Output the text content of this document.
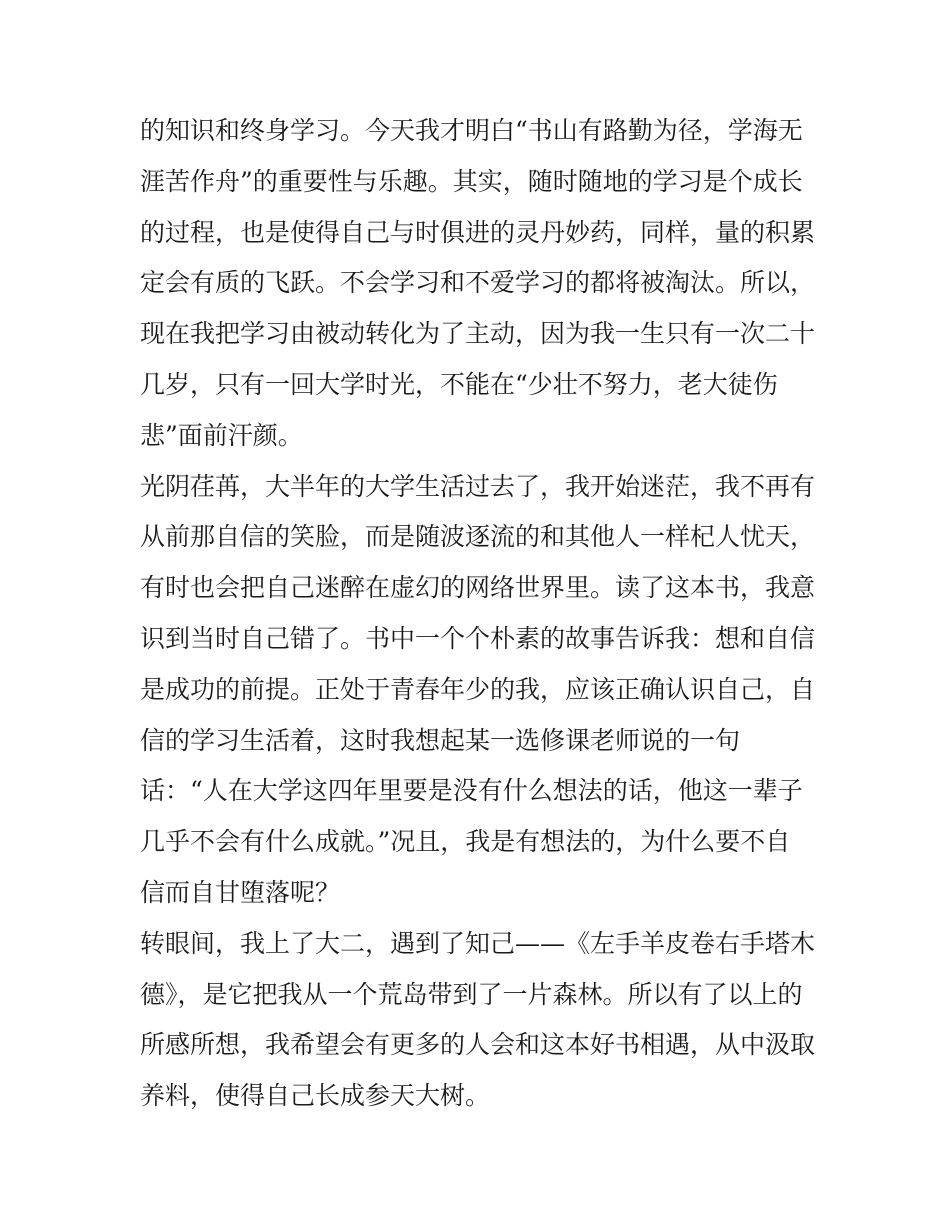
的知识和终身学习。今天我才明白“书山有路勤为径，学海无

涯苦作舟”的重要性与乐趣。其实，随时随地的学习是个成长

的过程，也是使得自己与时俱进的灵丹妙药，同样，量的积累

定会有质的飞跃。不会学习和不爱学习的都将被淘汰。所以，

现在我把学习由被动转化为了主动，因为我一生只有一次二十

几岁，只有一回大学时光，不能在“少壮不努力，老大徒伤

悲”面前汗颜。

光阴荏苒，大半年的大学生活过去了，我开始迷茫，我不再有

从前那自信的笑脸，而是随波逐流的和其他人一样杞人忧天，

有时也会把自己迷醉在虚幻的网络世界里。读了这本书，我意

识到当时自己错了。书中一个个朴素的故事告诉我：想和自信

是成功的前提。正处于青春年少的我，应该正确认识自己，自

信的学习生活着，这时我想起某一选修课老师说的一句

话：“人在大学这四年里要是没有什么想法的话，他这一辈子

几乎不会有什么成就。”况且，我是有想法的，为什么要不自

信而自甘堕落呢？

转眼间，我上了大二，遇到了知己——《左手羊皮卷右手塔木

德》，是它把我从一个荒岛带到了一片森林。所以有了以上的

所感所想，我希望会有更多的人会和这本好书相遇，从中汲取

养料，使得自己长成参天大树。
